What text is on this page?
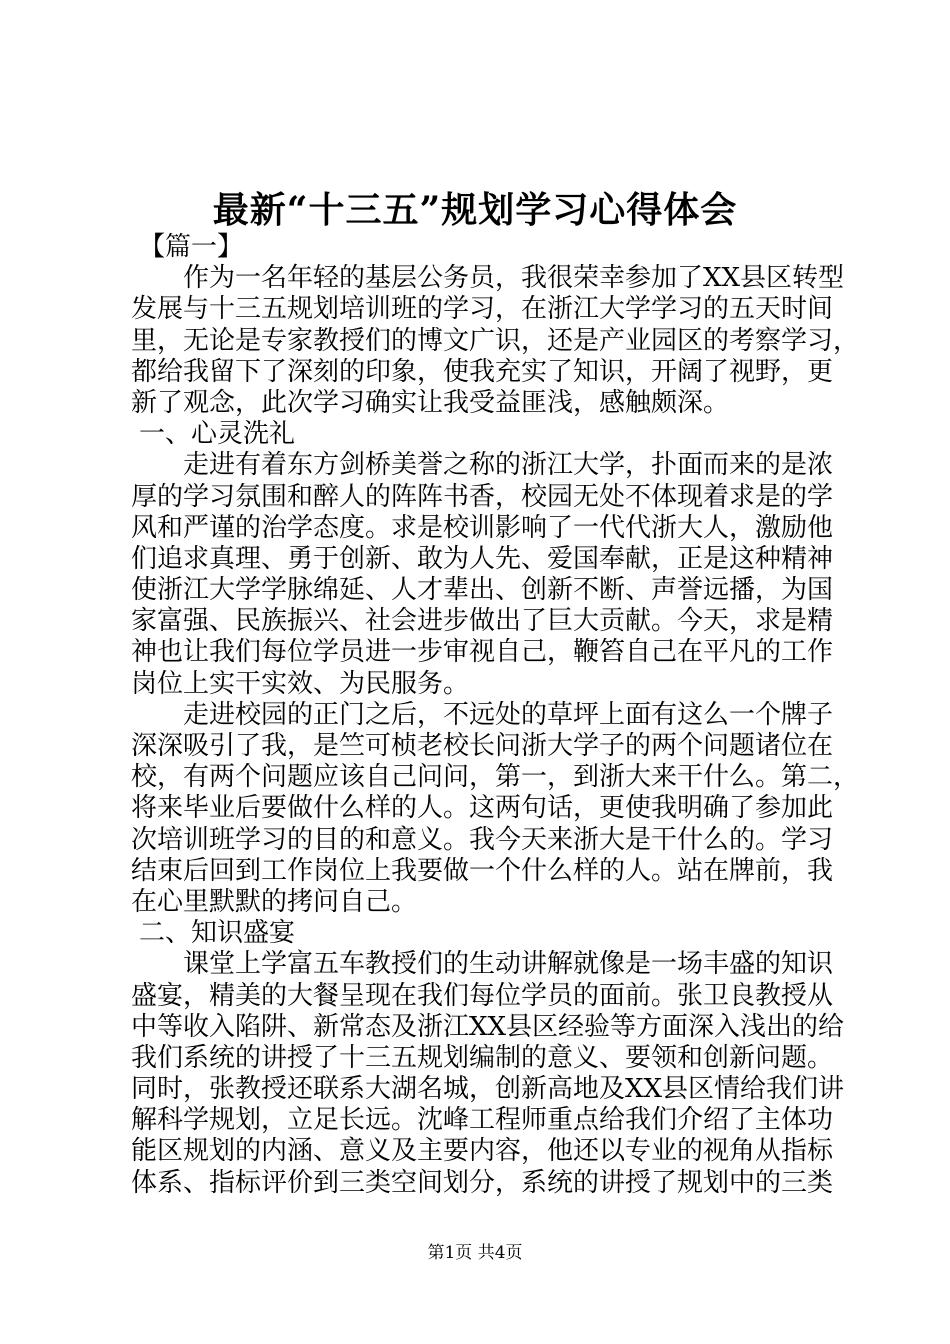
最新“十三五”规划学习心得体会
【篇一】
作为一名年轻的基层公务员，我很荣幸参加了XX县区转型
发展与十三五规划培训班的学习，在浙江大学学习的五天时间
里，无论是专家教授们的博文广识，还是产业园区的考察学习，
都给我留下了深刻的印象，使我充实了知识，开阔了视野，更
新了观念，此次学习确实让我受益匪浅，感触颇深。
一、心灵洗礼
走进有着东方剑桥美誉之称的浙江大学，扑面而来的是浓
厚的学习氛围和醉人的阵阵书香，校园无处不体现着求是的学
风和严谨的治学态度。求是校训影响了一代代浙大人，激励他
们追求真理、勇于创新、敢为人先、爱国奉献，正是这种精神
使浙江大学学脉绵延、人才辈出、创新不断、声誉远播，为国
家富强、民族振兴、社会进步做出了巨大贡献。今天，求是精
神也让我们每位学员进一步审视自己，鞭笞自己在平凡的工作
岗位上实干实效、为民服务。
走进校园的正门之后，不远处的草坪上面有这么一个牌子
深深吸引了我，是竺可桢老校长问浙大学子的两个问题诸位在
校，有两个问题应该自己问问，第一，到浙大来干什么。第二，
将来毕业后要做什么样的人。这两句话，更使我明确了参加此
次培训班学习的目的和意义。我今天来浙大是干什么的。学习
结束后回到工作岗位上我要做一个什么样的人。站在牌前，我
在心里默默的拷问自己。
二、知识盛宴
课堂上学富五车教授们的生动讲解就像是一场丰盛的知识
盛宴，精美的大餐呈现在我们每位学员的面前。张卫良教授从
中等收入陷阱、新常态及浙江XX县区经验等方面深入浅出的给
我们系统的讲授了十三五规划编制的意义、要领和创新问题。
同时，张教授还联系大湖名城，创新高地及XX县区情给我们讲
解科学规划，立足长远。沈峰工程师重点给我们介绍了主体功
能区规划的内涵、意义及主要内容，他还以专业的视角从指标
体系、指标评价到三类空间划分，系统的讲授了规划中的三类
第1页 共4页
